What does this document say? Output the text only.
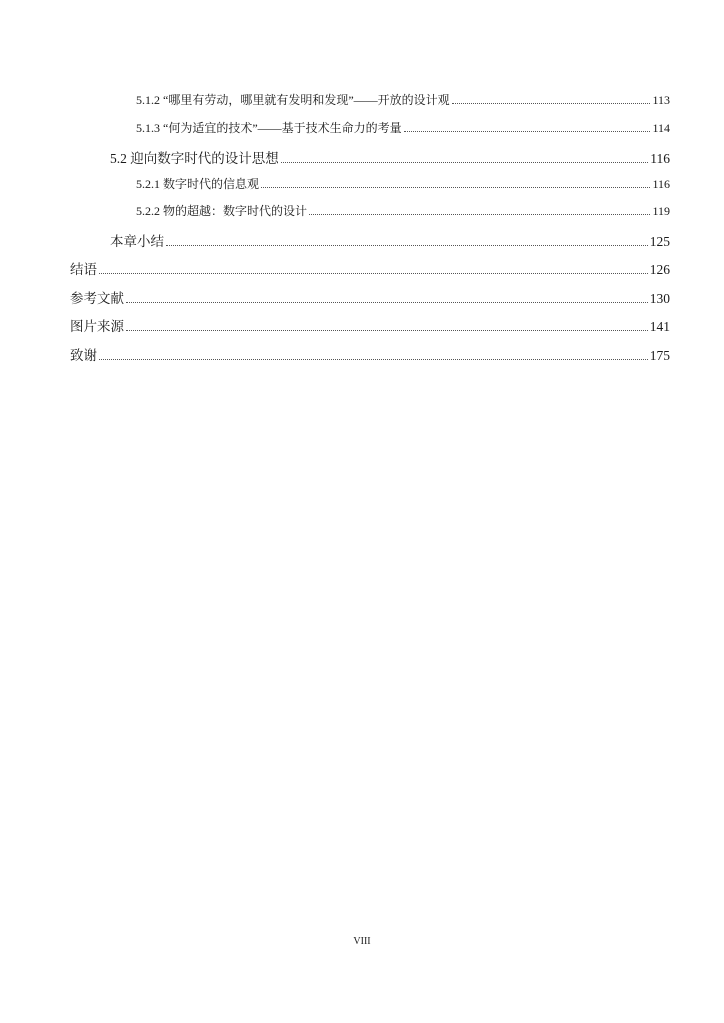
5.1.2 “哪里有劳动，哪里就有发明和发现”——开放的设计观	113
5.1.3 “何为适宜的技术”——基于技术生命力的考量	114
5.2 迎向数字时代的设计思想	116
5.2.1 数字时代的信息观	116
5.2.2 物的超越：数字时代的设计	119
本章小结	125
结语	126
参考文献	130
图片来源	141
致谢	175
VIII
